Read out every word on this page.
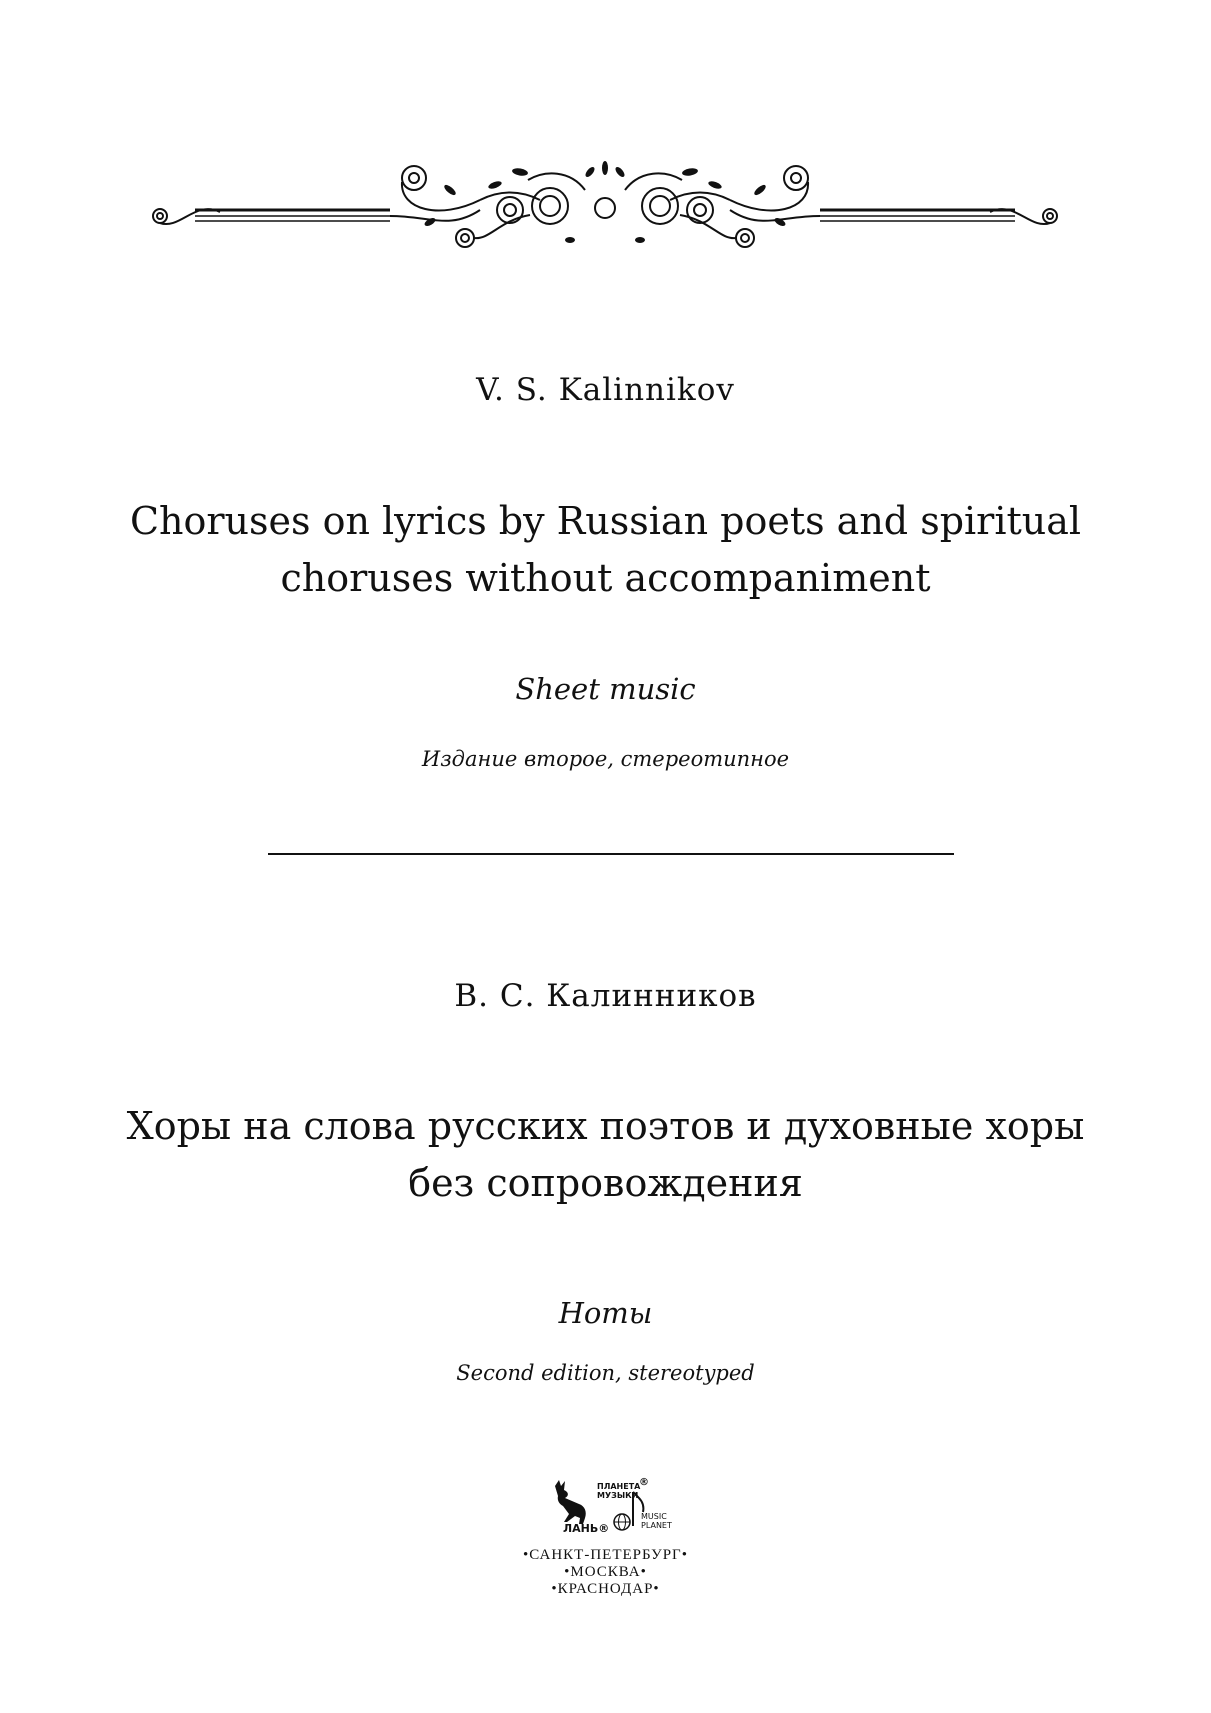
V. S. Kalinnikov
Choruses on lyrics by Russian poets and spiritual
choruses without accompaniment
Sheet music
Издание второе, стереотипное
В. С. Калинников
Хоры на слова русских поэтов и духовные хоры
без сопровождения
Ноты
Second edition, stereotyped
ПЛАНЕТА
МУЗЫКИ
®
ЛАНЬ®
MUSIC
PLANET
•САНКТ-ПЕТЕРБУРГ•
•МОСКВА•
•КРАСНОДАР•
